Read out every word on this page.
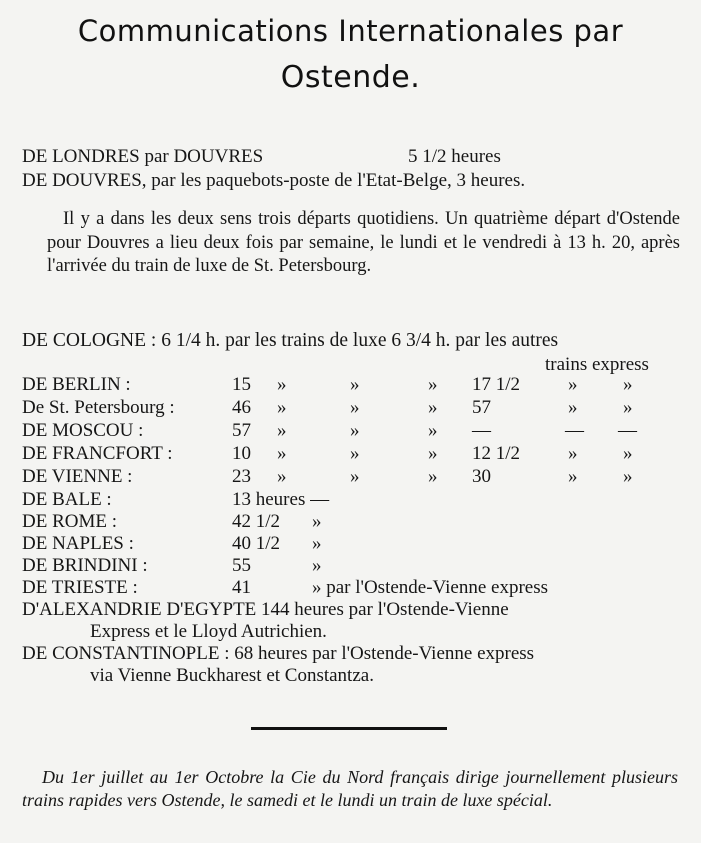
Communications Internationales par
Ostende.
DE LONDRES par DOUVRES	5 1/2 heures
DE DOUVRES, par les paquebots-poste de l'Etat-Belge, 3 heures.
Il y a dans les deux sens trois départs quotidiens. Un quatrième départ d'Ostende pour Douvres a lieu deux fois par semaine, le lundi et le vendredi à 13 h. 20, après l'arrivée du train de luxe de St. Petersbourg.
DE COLOGNE : 6 1/4 h. par les trains de luxe 6 3/4 h. par les autres
trains express
DE BERLIN :	15 »	»	» 17 1/2	» »
De St. Petersbourg :	46 »	»	» 57	» »
DE MOSCOU :	57 »	»	» —	— —
DE FRANCFORT :	10 »	»	» 12 1/2	» »
DE VIENNE :	23 »	»	» 30	» »
DE BALE :	13 heures —
DE ROME :	42 1/2 »
DE NAPLES :	40 1/2 »
DE BRINDINI :	55	»
DE TRIESTE :	41	» par l'Ostende-Vienne express
D'ALEXANDRIE D'EGYPTE 144 heures par l'Ostende-Vienne
Express et le Lloyd Autrichien.
DE CONSTANTINOPLE : 68 heures par l'Ostende-Vienne express
via Vienne Buckharest et Constantza.
Du 1er juillet au 1er Octobre la Cie du Nord français dirige journellement plusieurs trains rapides vers Ostende, le samedi et le lundi un train de luxe spécial.
